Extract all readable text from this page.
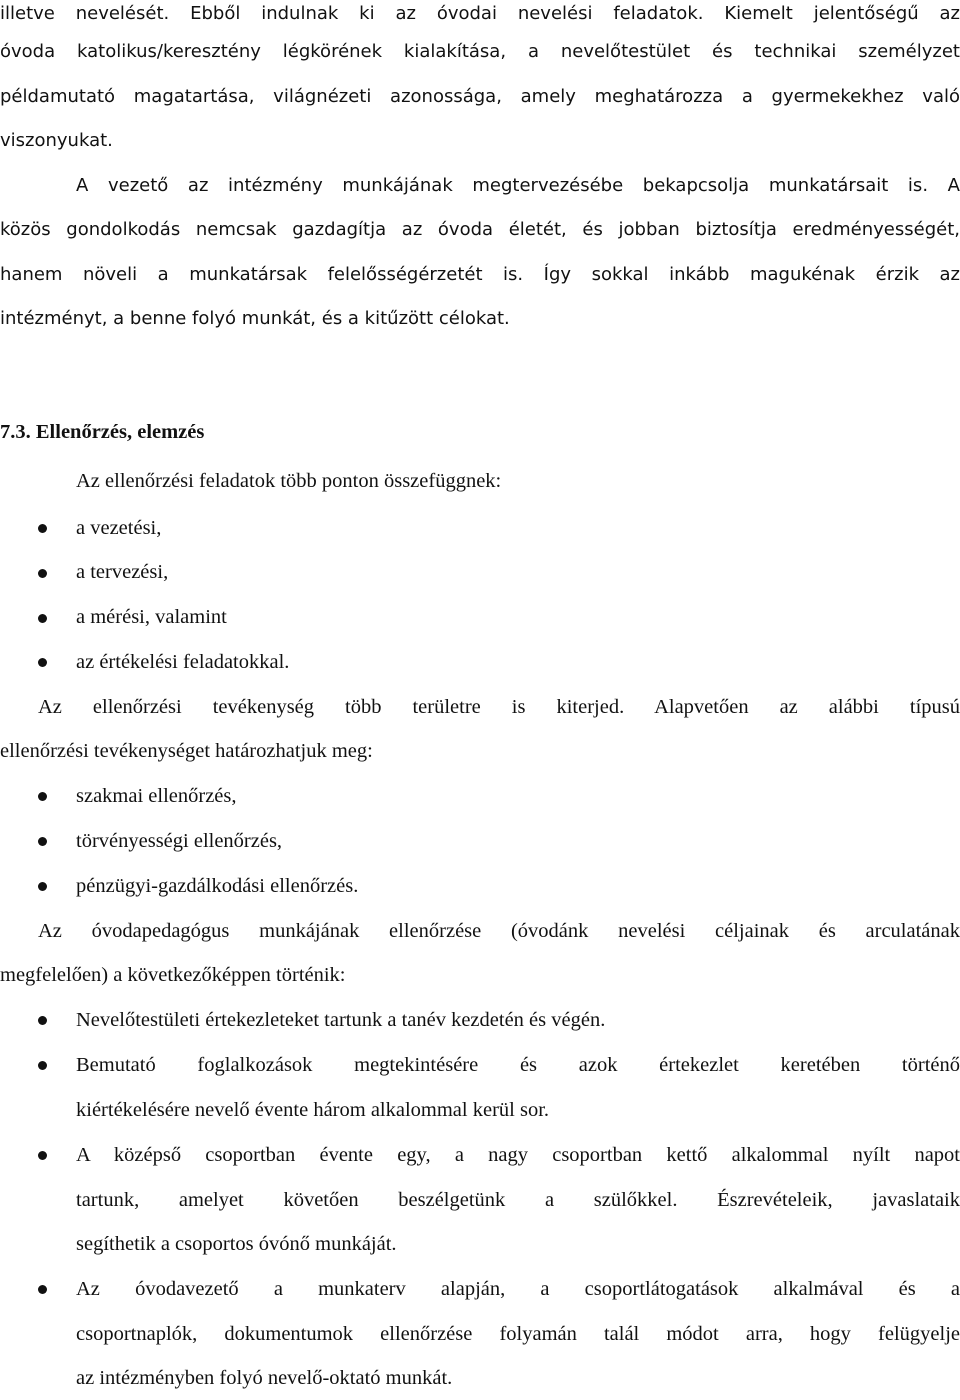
illetve nevelését. Ebből indulnak ki az óvodai nevelési feladatok. Kiemelt jelentőségű az
óvoda katolikus/keresztény légkörének kialakítása, a nevelőtestület és technikai személyzet
példamutató magatartása, világnézeti azonossága, amely meghatározza a gyermekekhez való
viszonyukat.
A vezető az intézmény munkájának megtervezésébe bekapcsolja munkatársait is. A
közös gondolkodás nemcsak gazdagítja az óvoda életét, és jobban biztosítja eredményességét,
hanem növeli a munkatársak felelősségérzetét is. Így sokkal inkább magukénak érzik az
intézményt, a benne folyó munkát, és a kitűzött célokat.
7.3. Ellenőrzés, elemzés
Az ellenőrzési feladatok több ponton összefüggnek:
a vezetési,
a tervezési,
a mérési, valamint
az értékelési feladatokkal.
Az ellenőrzési tevékenység több területre is kiterjed. Alapvetően az alábbi típusú
ellenőrzési tevékenységet határozhatjuk meg:
szakmai ellenőrzés,
törvényességi ellenőrzés,
pénzügyi-gazdálkodási ellenőrzés.
Az óvodapedagógus munkájának ellenőrzése (óvodánk nevelési céljainak és arculatának
megfelelően) a következőképpen történik:
Nevelőtestületi értekezleteket tartunk a tanév kezdetén és végén.
Bemutató foglalkozások megtekintésére és azok értekezlet keretében történő
kiértékelésére nevelő évente három alkalommal kerül sor.
A középső csoportban évente egy, a nagy csoportban kettő alkalommal nyílt napot
tartunk, amelyet követően beszélgetünk a szülőkkel. Észrevételeik, javaslataik
segíthetik a csoportos óvónő munkáját.
Az óvodavezető a munkaterv alapján, a csoportlátogatások alkalmával és a
csoportnaplók, dokumentumok ellenőrzése folyamán talál módot arra, hogy felügyelje
az intézményben folyó nevelő-oktató munkát.
